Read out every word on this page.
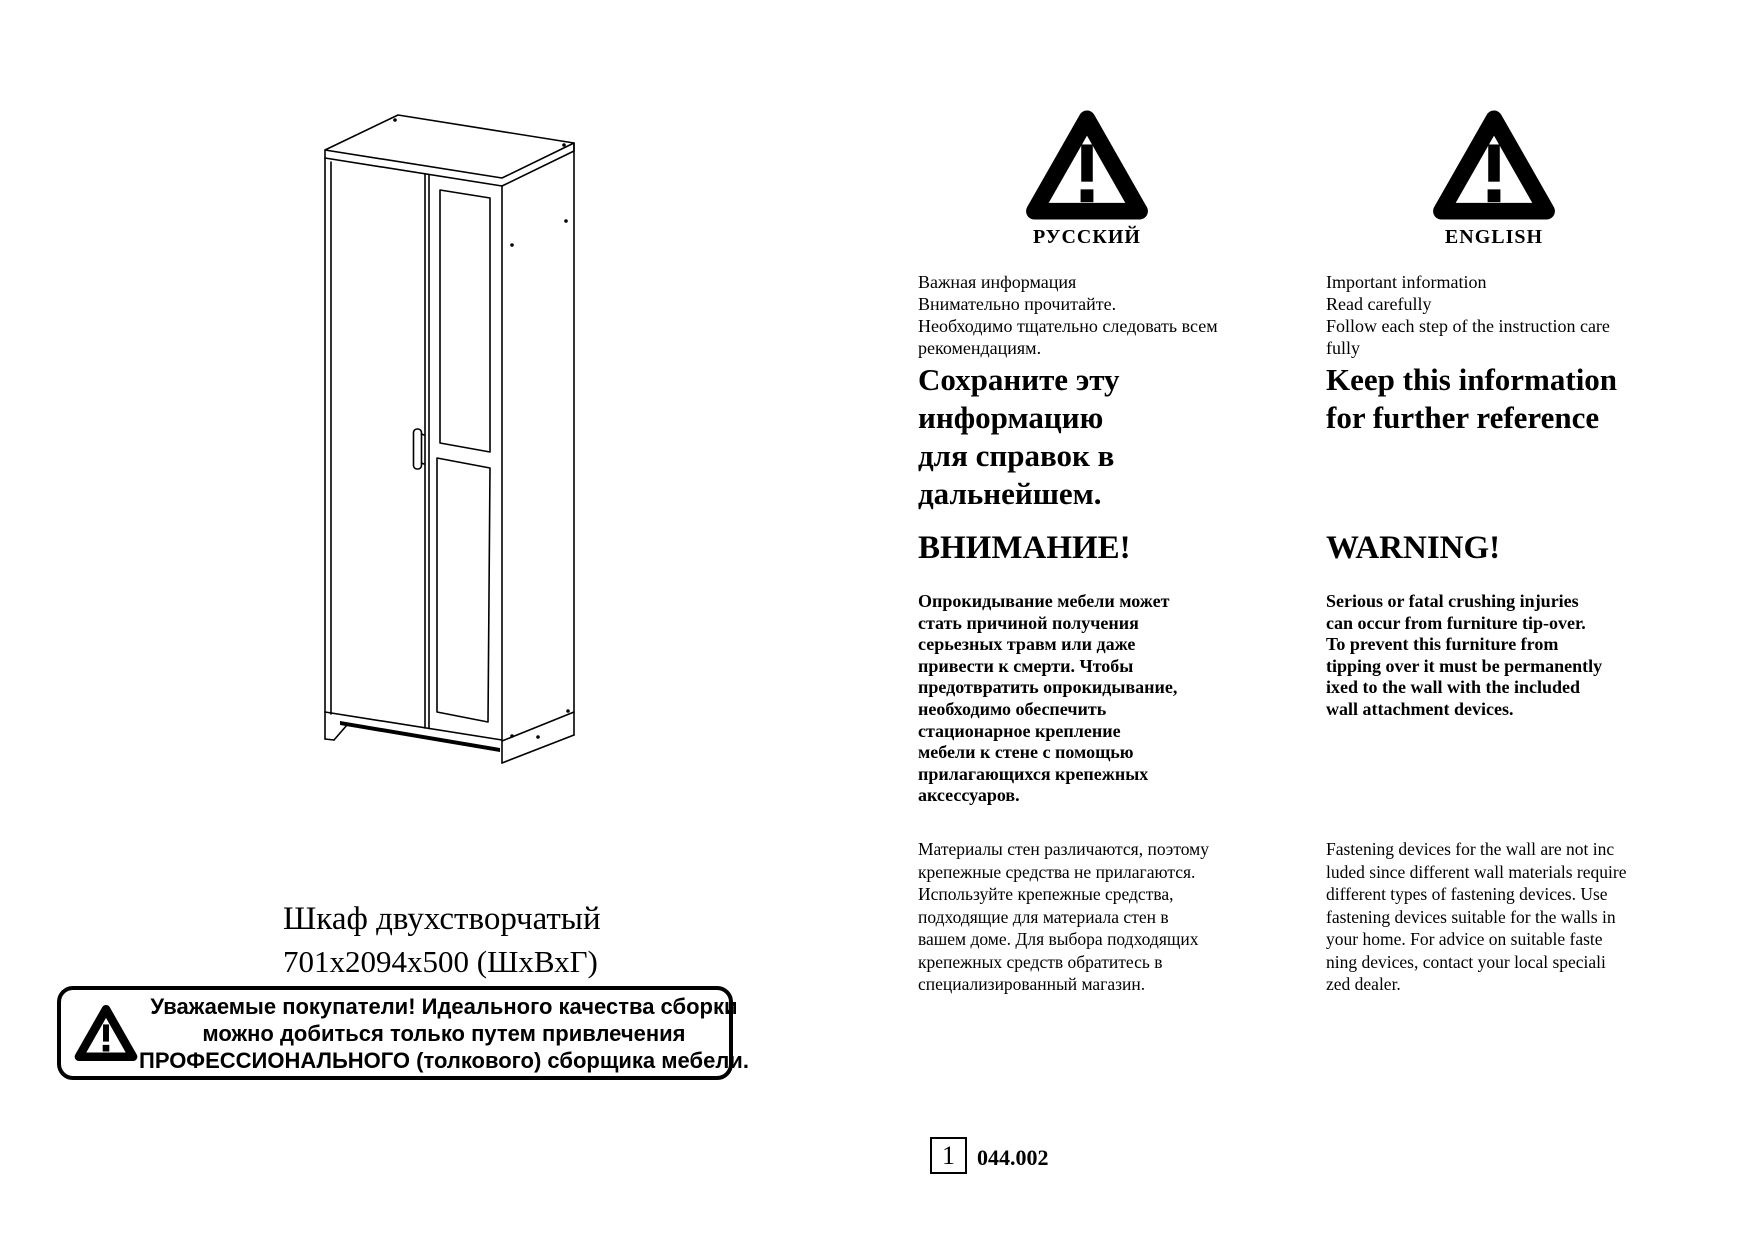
Шкаф двухстворчатый
701х2094х500 (ШхВхГ)
Уважаемые покупатели! Идеального качества сборки
можно добиться только путем привлечения
ПРОФЕССИОНАЛЬНОГО (толкового) сборщика мебели.
РУССКИЙ
Важная информация
Внимательно прочитайте.
Необходимо тщательно следовать всем
рекомендациям.
Сохраните эту
информацию
для справок в
дальнейшем.
ВНИМАНИЕ!
Опрокидывание мебели может
стать причиной получения
серьезных травм или даже
привести к смерти. Чтобы
предотвратить опрокидывание,
необходимо обеспечить
стационарное крепление
мебели к стене с помощью
прилагающихся крепежных
аксессуаров.
Материалы стен различаются, поэтому
крепежные средства не прилагаются.
Используйте крепежные средства,
подходящие для материала стен в
вашем доме. Для выбора подходящих
крепежных средств обратитесь в
специализированный магазин.
ENGLISH
Important information
Read carefully
Follow each step of the instruction care
fully
Keep this information
for further reference
WARNING!
Serious or fatal crushing injuries
can occur from furniture tip-over.
To prevent this furniture from
tipping over it must be permanently
ixed to the wall with the included
wall attachment devices.
Fastening devices for the wall are not inc
luded since different wall materials require
different types of fastening devices. Use
fastening devices suitable for the walls in
your home. For advice on suitable faste
ning devices, contact your local speciali
zed dealer.
1 044.002
